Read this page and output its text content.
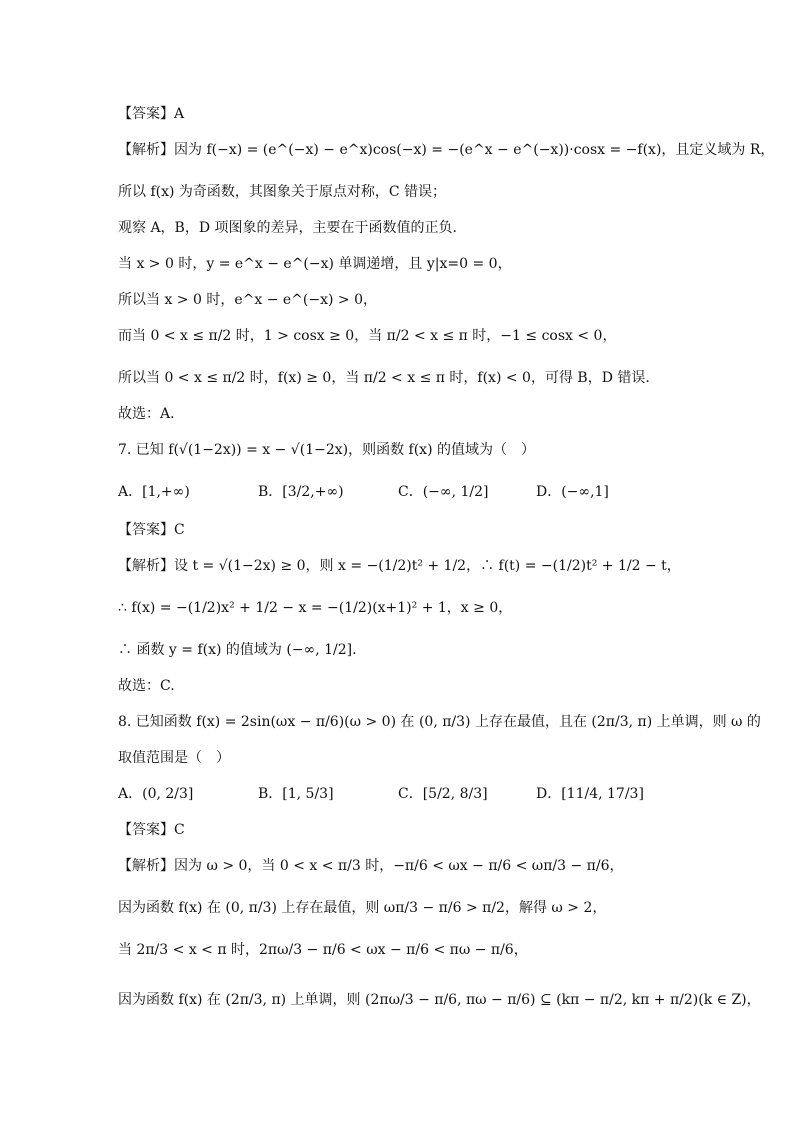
【答案】A
【解析】因为 f(−x) = (e^(−x) − e^x)cos(−x) = −(e^x − e^(−x))·cosx = −f(x)，且定义域为 R，
所以 f(x) 为奇函数，其图象关于原点对称，C 错误；
观察 A，B，D 项图象的差异，主要在于函数值的正负．
当 x > 0 时，y = e^x − e^(−x) 单调递增，且 y|x=0 = 0，
所以当 x > 0 时，e^x − e^(−x) > 0，
而当 0 < x ≤ π/2 时，1 > cosx ≥ 0，当 π/2 < x ≤ π 时，−1 ≤ cosx < 0，
所以当 0 < x ≤ π/2 时，f(x) ≥ 0，当 π/2 < x ≤ π 时，f(x) < 0，可得 B，D 错误.
故选：A．
7. 已知 f(√(1−2x)) = x − √(1−2x)，则函数 f(x) 的值域为（　）
A．[1,+∞)	B．[3/2,+∞)	C．(−∞, 1/2]	D．(−∞,1]
【答案】C
【解析】设 t = √(1−2x) ≥ 0，则 x = −(1/2)t² + 1/2，∴ f(t) = −(1/2)t² + 1/2 − t，
∴ f(x) = −(1/2)x² + 1/2 − x = −(1/2)(x+1)² + 1，x ≥ 0，
∴ 函数 y = f(x) 的值域为 (−∞, 1/2].
故选：C.
8. 已知函数 f(x) = 2sin(ωx − π/6)(ω > 0) 在 (0, π/3) 上存在最值，且在 (2π/3, π) 上单调，则 ω 的
取值范围是（　）
A．(0, 2/3]	B．[1, 5/3]	C．[5/2, 8/3]	D．[11/4, 17/3]
【答案】C
【解析】因为 ω > 0，当 0 < x < π/3 时，−π/6 < ωx − π/6 < ωπ/3 − π/6，
因为函数 f(x) 在 (0, π/3) 上存在最值，则 ωπ/3 − π/6 > π/2，解得 ω > 2，
当 2π/3 < x < π 时，2πω/3 − π/6 < ωx − π/6 < πω − π/6，
因为函数 f(x) 在 (2π/3, π) 上单调，则 (2πω/3 − π/6, πω − π/6) ⊆ (kπ − π/2, kπ + π/2)(k ∈ Z)，
